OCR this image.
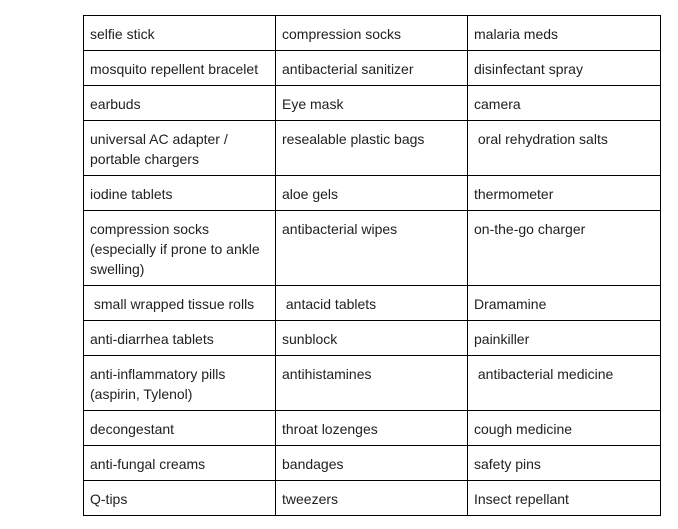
selfie stick	compression socks	malaria meds
mosquito repellent bracelet	antibacterial sanitizer	disinfectant spray
earbuds	Eye mask	camera
universal AC adapter / portable chargers	resealable plastic bags	oral rehydration salts
iodine tablets	aloe gels	thermometer
compression socks (especially if prone to ankle swelling)	antibacterial wipes	on-the-go charger
small wrapped tissue rolls	antacid tablets	Dramamine
anti-diarrhea tablets	sunblock	painkiller
anti-inflammatory pills (aspirin, Tylenol)	antihistamines	antibacterial medicine
decongestant	throat lozenges	cough medicine
anti-fungal creams	bandages	safety pins
Q-tips	tweezers	Insect repellant
